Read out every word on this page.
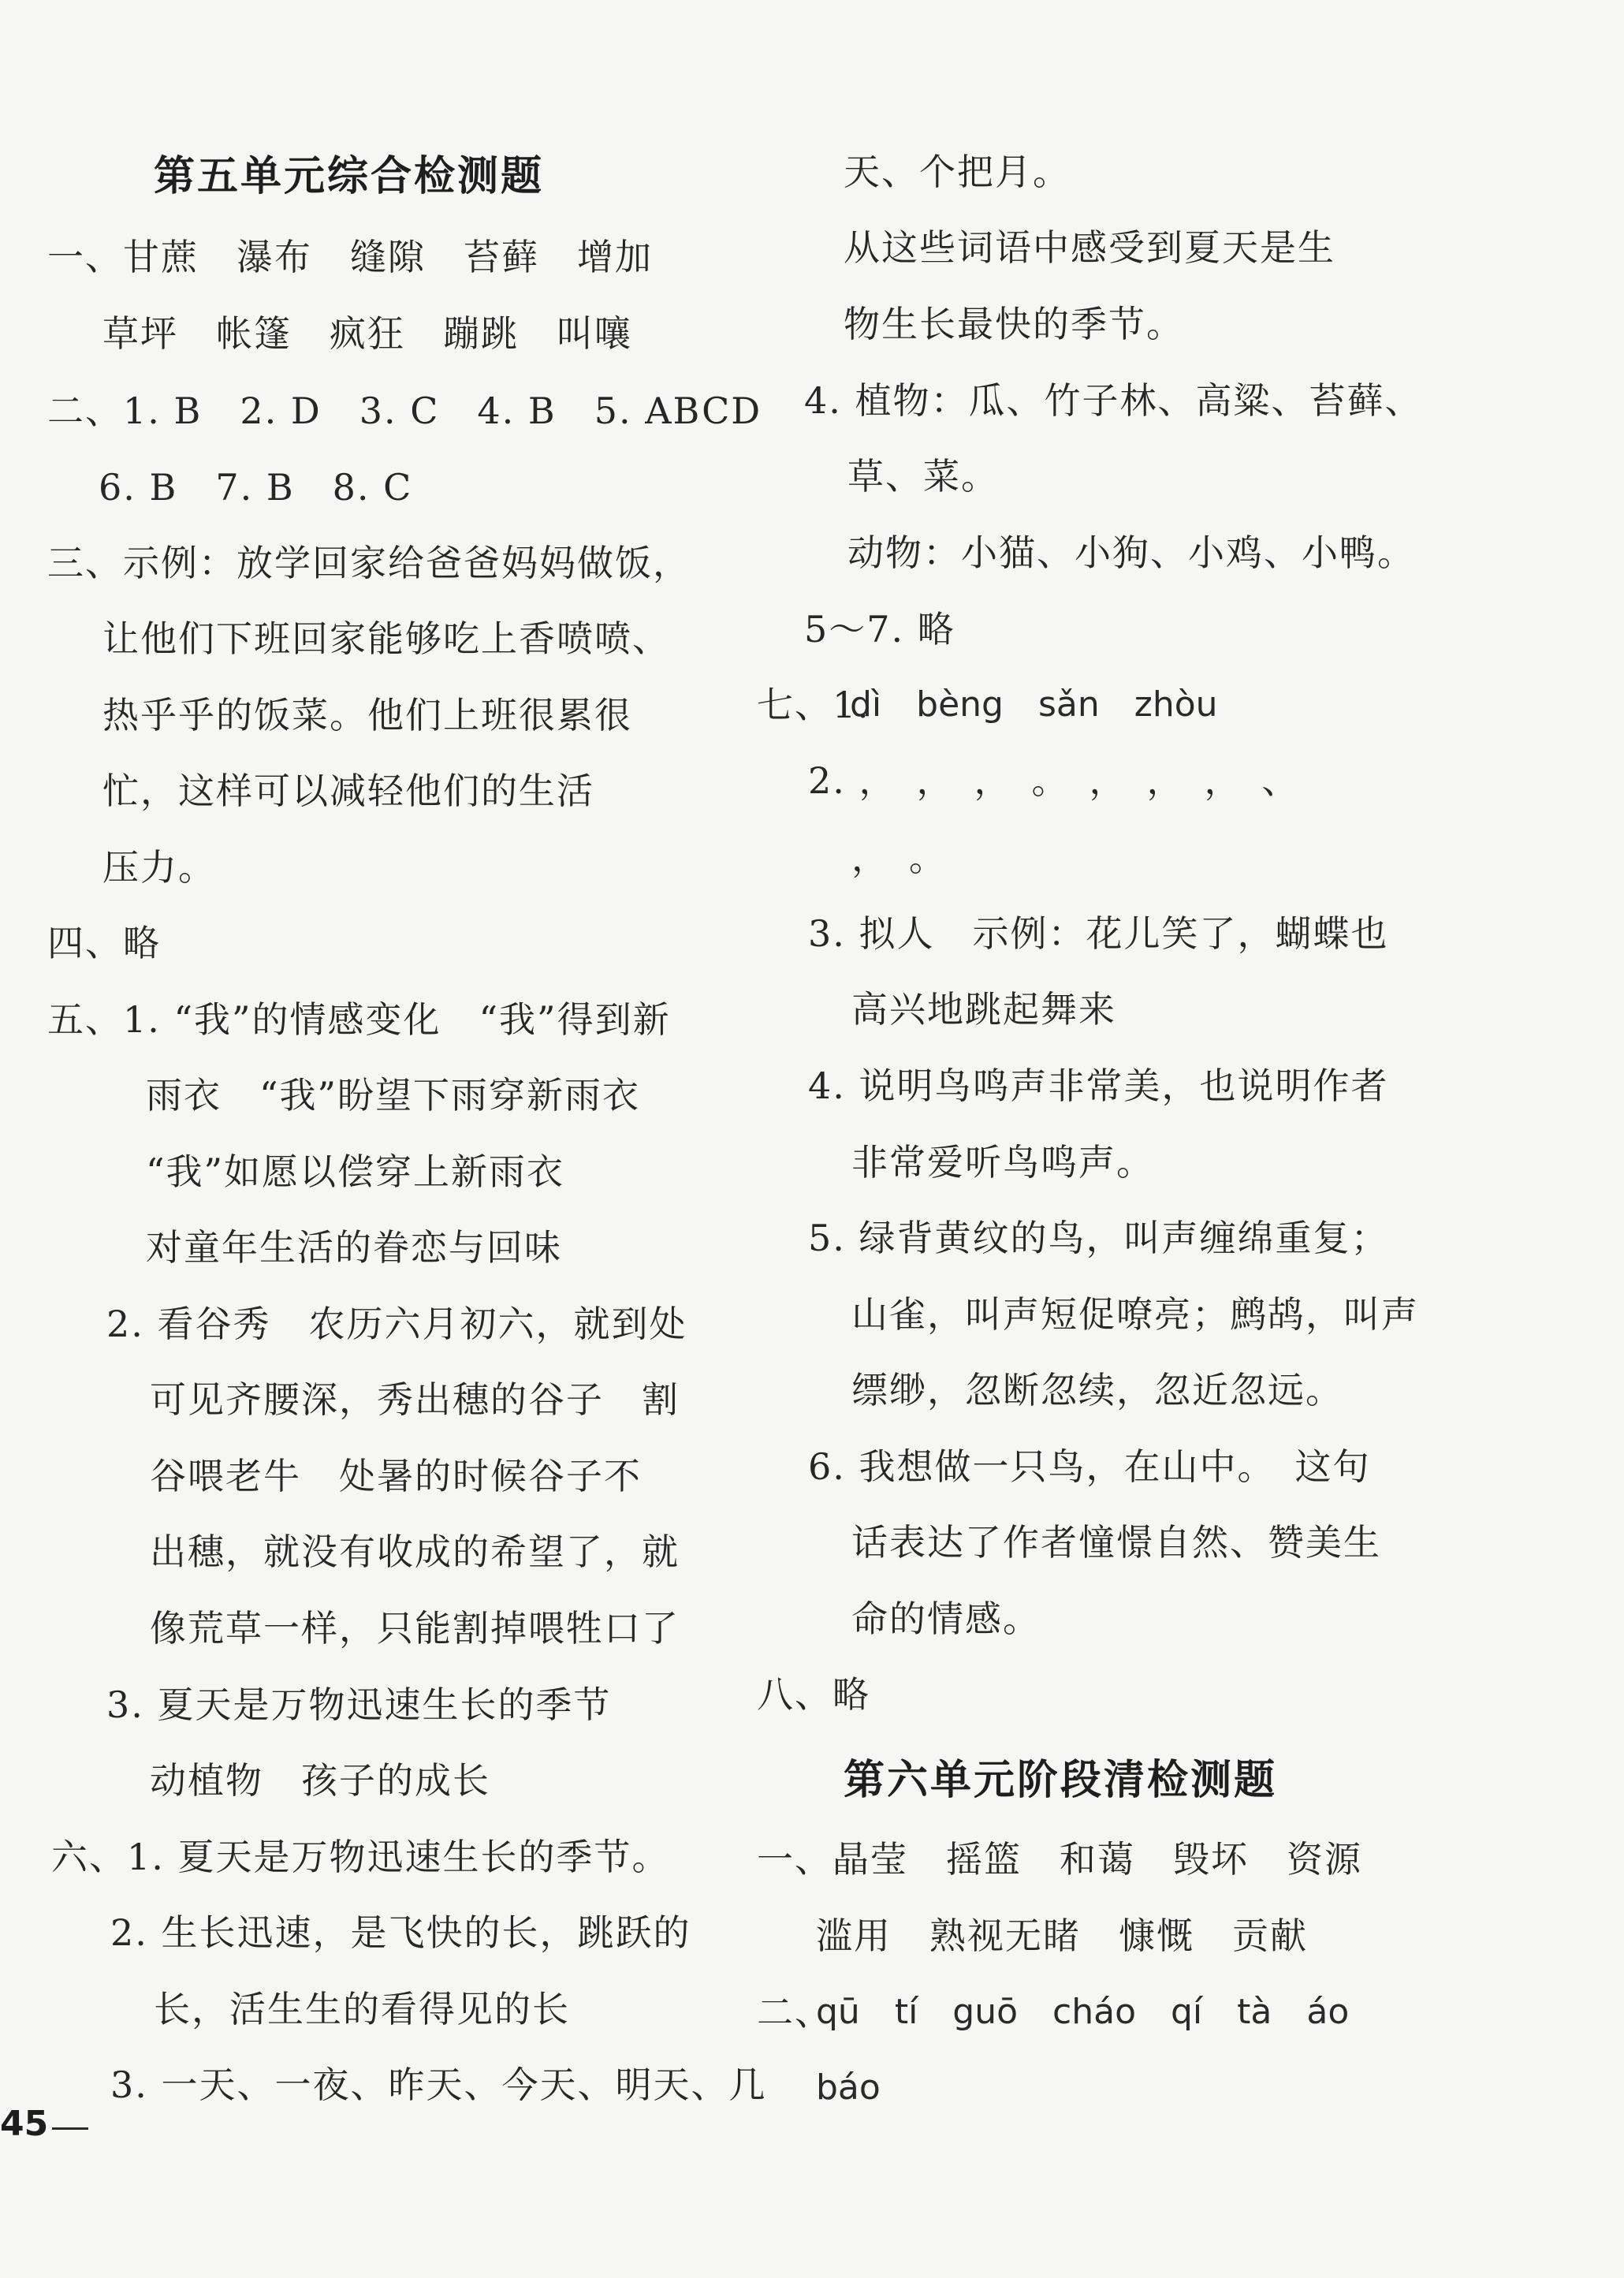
第五单元综合检测题
一、甘蔗　瀑布　缝隙　苔藓　增加
草坪　帐篷　疯狂　蹦跳　叫嚷
二、1. B　2. D　3. C　4. B　5. ABCD
6. B　7. B　8. C
三、示例：放学回家给爸爸妈妈做饭，
让他们下班回家能够吃上香喷喷、
热乎乎的饭菜。他们上班很累很
忙，这样可以减轻他们的生活
压力。
四、略
五、1. “我”的情感变化　“我”得到新
雨衣　“我”盼望下雨穿新雨衣
“我”如愿以偿穿上新雨衣
对童年生活的眷恋与回味
2. 看谷秀　农历六月初六，就到处
可见齐腰深，秀出穗的谷子　割
谷喂老牛　处暑的时候谷子不
出穗，就没有收成的希望了，就
像荒草一样，只能割掉喂牲口了
3. 夏天是万物迅速生长的季节
动植物　孩子的成长
六、1. 夏天是万物迅速生长的季节。
2. 生长迅速，是飞快的长，跳跃的
长，活生生的看得见的长
3. 一天、一夜、昨天、今天、明天、几
天、个把月。
从这些词语中感受到夏天是生
物生长最快的季节。
4. 植物：瓜、竹子林、高粱、苔藓、
草、菜。
动物：小猫、小狗、小鸡、小鸭。
5～7. 略
七、1.
dì　bèng　sǎn　zhòu
2. ，　，　，　。　，　，　，　、
，　。
3. 拟人　示例：花儿笑了，蝴蝶也
高兴地跳起舞来
4. 说明鸟鸣声非常美，也说明作者
非常爱听鸟鸣声。
5. 绿背黄纹的鸟，叫声缠绵重复；
山雀，叫声短促嘹亮；鹧鸪，叫声
缥缈，忽断忽续，忽近忽远。
6. 我想做一只鸟，在山中。　这句
话表达了作者憧憬自然、赞美生
命的情感。
八、略
第六单元阶段清检测题
一、晶莹　摇篮　和蔼　毁坏　资源
滥用　熟视无睹　慷慨　贡献
二、
qū　tí　guō　cháo　qí　tà　áo
báo
45
